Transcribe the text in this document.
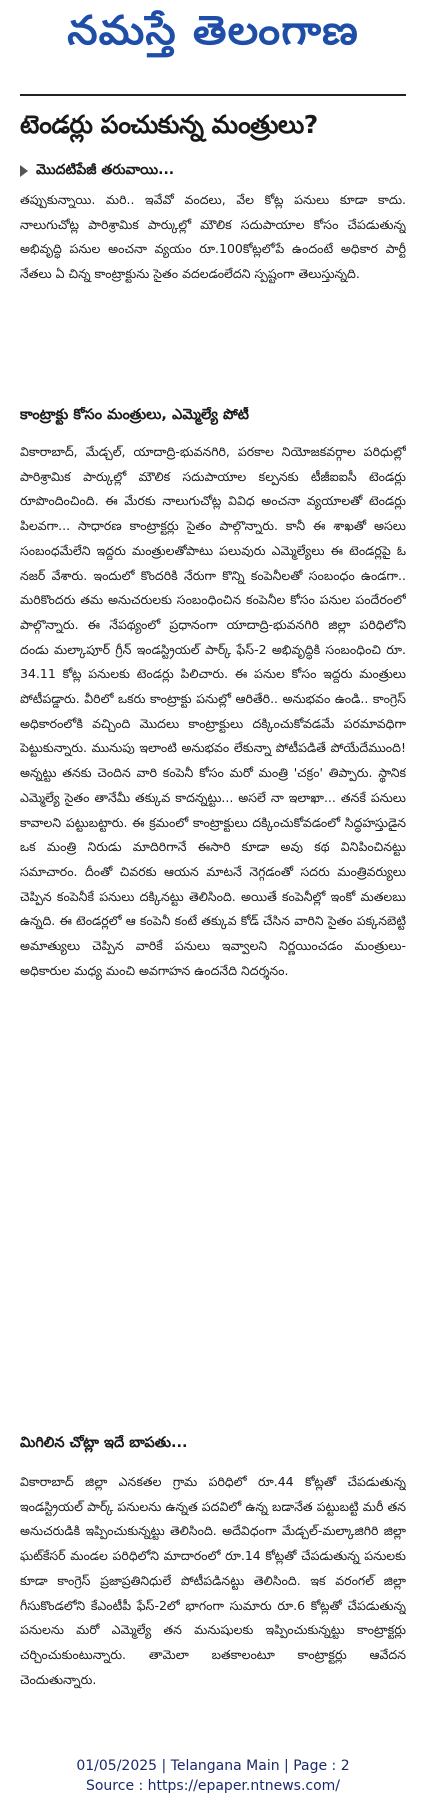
నమస్తే తెలంగాణ
టెండర్లు పంచుకున్న మంత్రులు?
మొదటిపేజీ తరువాయి...
తప్పుకున్నాయి. మరి.. ఇవేవో వందలు, వేల కోట్ల పనులు కూడా కాదు. నాలుగుచోట్ల పారిశ్రామిక పార్కుల్లో మౌలిక సదుపాయాల కోసం చేపడుతున్న అభివృద్ధి పనుల అంచనా వ్యయం రూ.100కోట్లలోపే ఉందంటే అధికార పార్టీ నేతలు ఏ చిన్న కాంట్రాక్టును సైతం వదలడంలేదని స్పష్టంగా తెలుస్తున్నది.
కాంట్రాక్టు కోసం మంత్రులు, ఎమ్మెల్యే పోటీ
వికారాబాద్, మేడ్చల్, యాదాద్రి-భువనగిరి, పరకాల నియోజకవర్గాల పరిధుల్లో పారిశ్రామిక పార్కుల్లో మౌలిక సదుపాయాల కల్పనకు టీజీఐఐసీ టెండర్లు రూపొందించింది. ఈ మేరకు నాలుగుచోట్ల వివిధ అంచనా వ్యయాలతో టెండర్లు పిలవగా... సాధారణ కాంట్రాక్టర్లు సైతం పాల్గొన్నారు. కానీ ఈ శాఖతో అసలు సంబంధమేలేని ఇద్దరు మంత్రులతోపాటు పలువురు ఎమ్మెల్యేలు ఈ టెండర్లపై ఓ నజర్ వేశారు. ఇందులో కొందరికి నేరుగా కొన్ని కంపెనీలతో సంబంధం ఉండగా.. మరికొందరు తమ అనుచరులకు సంబంధించిన కంపెనీల కోసం పనుల పందేరంలో పాల్గొన్నారు. ఈ నేపథ్యంలో ప్రధానంగా యాదాద్రి-భువనగిరి జిల్లా పరిధిలోని దండు మల్కాపూర్ గ్రీన్ ఇండస్ట్రియల్ పార్క్ ఫేస్-2 అభివృద్ధికి సంబంధించి రూ. 34.11 కోట్ల పనులకు టెండర్లు పిలిచారు. ఈ పనుల కోసం ఇద్దరు మంత్రులు పోటీపడ్డారు. వీరిలో ఒకరు కాంట్రాక్టు పనుల్లో ఆరితేరి.. అనుభవం ఉండి.. కాంగ్రెస్ అధికారంలోకి వచ్చింది మొదలు కాంట్రాక్టులు దక్కించుకోవడమే పరమావధిగా పెట్టుకున్నారు. మునుపు ఇలాంటి అనుభవం లేకున్నా పోటీపడితే పోయేదేముంది! అన్నట్టు తనకు చెందిన వారి కంపెనీ కోసం మరో మంత్రి 'చక్రం' తిప్పారు. స్థానిక ఎమ్మెల్యే సైతం తానేమీ తక్కువ కాదన్నట్టు... అసలే నా ఇలాఖా... తనకే పనులు కావాలని పట్టుబట్టారు. ఈ క్రమంలో కాంట్రాక్టులు దక్కించుకోవడంలో సిద్ధహస్తుడైన ఒక మంత్రి నిరుడు మాదిరిగానే ఈసారి కూడా అవు కథ వినిపించినట్టు సమాచారం. దీంతో చివరకు ఆయన మాటనే నెగ్గడంతో సదరు మంత్రివర్యులు చెప్పిన కంపెనీకే పనులు దక్కినట్టు తెలిసింది. అయితే కంపెనీల్లో ఇంకో మతలబు ఉన్నది. ఈ టెండర్లలో ఆ కంపెనీ కంటే తక్కువ కోడ్ చేసిన వారిని సైతం పక్కనబెట్టి అమాత్యులు చెప్పిన వారికే పనులు ఇవ్వాలని నిర్ణయించడం మంత్రులు-అధికారుల మధ్య మంచి అవగాహన ఉందనేది నిదర్శనం.
మిగిలిన చోట్లా ఇదే బాపతు...
వికారాబాద్ జిల్లా ఎనకతల గ్రామ పరిధిలో రూ.44 కోట్లతో చేపడుతున్న ఇండస్ట్రియల్ పార్క్ పనులను ఉన్నత పదవిలో ఉన్న బడానేత పట్టుబట్టి మరీ తన అనుచరుడికి ఇప్పించుకున్నట్టు తెలిసింది. అదేవిధంగా మేడ్చల్-మల్కాజిగిరి జిల్లా ఘట్‌కేసర్ మండల పరిధిలోని మాదారంలో రూ.14 కోట్లతో చేపడుతున్న పనులకు కూడా కాంగ్రెస్ ప్రజాప్రతినిధులే పోటీపడినట్టు తెలిసింది. ఇక వరంగల్ జిల్లా గీసుకొండలోని కేఎంటీపీ ఫేస్-2లో భాగంగా సుమారు రూ.6 కోట్లతో చేపడుతున్న పనులను మరో ఎమ్మెల్యే తన మనుషులకు ఇప్పించుకున్నట్టు కాంట్రాక్టర్లు చర్చించుకుంటున్నారు. తామెలా బతకాలంటూ కాంట్రాక్టర్లు ఆవేదన చెందుతున్నారు.
01/05/2025 | Telangana Main | Page : 2
Source : https://epaper.ntnews.com/
